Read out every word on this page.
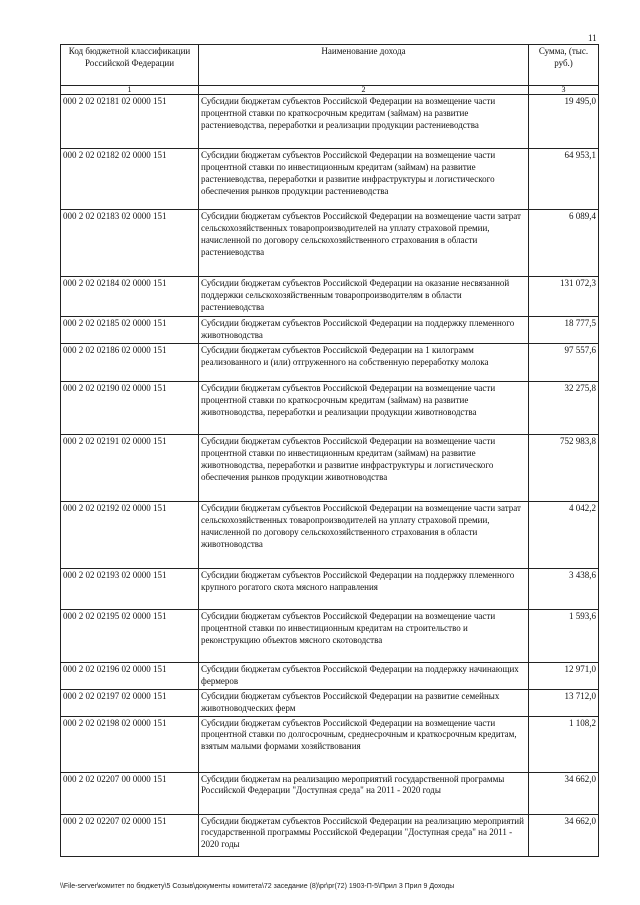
11
Код бюджетной классификации Российской Федерации	Наименование дохода	Сумма, (тыс. руб.)
1	2	3
000 2 02 02181 02 0000 151	Субсидии бюджетам субъектов Российской Федерации на возмещение части процентной ставки по краткосрочным кредитам (займам) на развитие растениеводства, переработки и реализации продукции растениеводства	19 495,0
000 2 02 02182 02 0000 151	Субсидии бюджетам субъектов Российской Федерации на возмещение части процентной ставки по инвестиционным кредитам (займам) на развитие растениеводства, переработки и развитие инфраструктуры и логистического обеспечения рынков продукции растениеводства	64 953,1
000 2 02 02183 02 0000 151	Субсидии бюджетам субъектов Российской Федерации на возмещение части затрат сельскохозяйственных товаропроизводителей на уплату страховой премии, начисленной по договору сельскохозяйственного страхования в области растениеводства	6 089,4
000 2 02 02184 02 0000 151	Субсидии бюджетам субъектов Российской Федерации на оказание несвязанной поддержки сельскохозяйственным товаропроизводителям в области растениеводства	131 072,3
000 2 02 02185 02 0000 151	Субсидии бюджетам субъектов Российской Федерации на поддержку племенного животноводства	18 777,5
000 2 02 02186 02 0000 151	Субсидии бюджетам субъектов Российской Федерации на 1 килограмм реализованного и (или) отгруженного на собственную переработку молока	97 557,6
000 2 02 02190 02 0000 151	Субсидии бюджетам субъектов Российской Федерации на возмещение части процентной ставки по краткосрочным кредитам (займам) на развитие животноводства, переработки и реализации продукции животноводства	32 275,8
000 2 02 02191 02 0000 151	Субсидии бюджетам субъектов Российской Федерации на возмещение части процентной ставки по инвестиционным кредитам (займам) на развитие животноводства, переработки и развитие инфраструктуры и логистического обеспечения рынков продукции животноводства	752 983,8
000 2 02 02192 02 0000 151	Субсидии бюджетам субъектов Российской Федерации на возмещение части затрат сельскохозяйственных товаропроизводителей на уплату страховой премии, начисленной по договору сельскохозяйственного страхования в области животноводства	4 042,2
000 2 02 02193 02 0000 151	Субсидии бюджетам субъектов Российской Федерации на поддержку племенного крупного рогатого скота мясного направления	3 438,6
000 2 02 02195 02 0000 151	Субсидии бюджетам субъектов Российской Федерации на возмещение части процентной ставки по инвестиционным кредитам на строительство и реконструкцию объектов мясного скотоводства	1 593,6
000 2 02 02196 02 0000 151	Субсидии бюджетам субъектов Российской Федерации на поддержку начинающих фермеров	12 971,0
000 2 02 02197 02 0000 151	Субсидии бюджетам субъектов Российской Федерации на развитие семейных животноводческих ферм	13 712,0
000 2 02 02198 02 0000 151	Субсидии бюджетам субъектов Российской Федерации на возмещение части процентной ставки по долгосрочным, среднесрочным и краткосрочным кредитам, взятым малыми формами хозяйствования	1 108,2
000 2 02 02207 00 0000 151	Субсидии бюджетам на реализацию мероприятий государственной программы Российской Федерации "Доступная среда" на 2011 - 2020 годы	34 662,0
000 2 02 02207 02 0000 151	Субсидии бюджетам субъектов Российской Федерации на реализацию мероприятий государственной программы Российской Федерации "Доступная среда" на 2011 - 2020 годы	34 662,0
\\File-server\комитет по бюджету\5 Созыв\документы комитета\72 заседание (8)\pr\pr(72) 1903-П-5\Прил 3 Прил 9 Доходы
